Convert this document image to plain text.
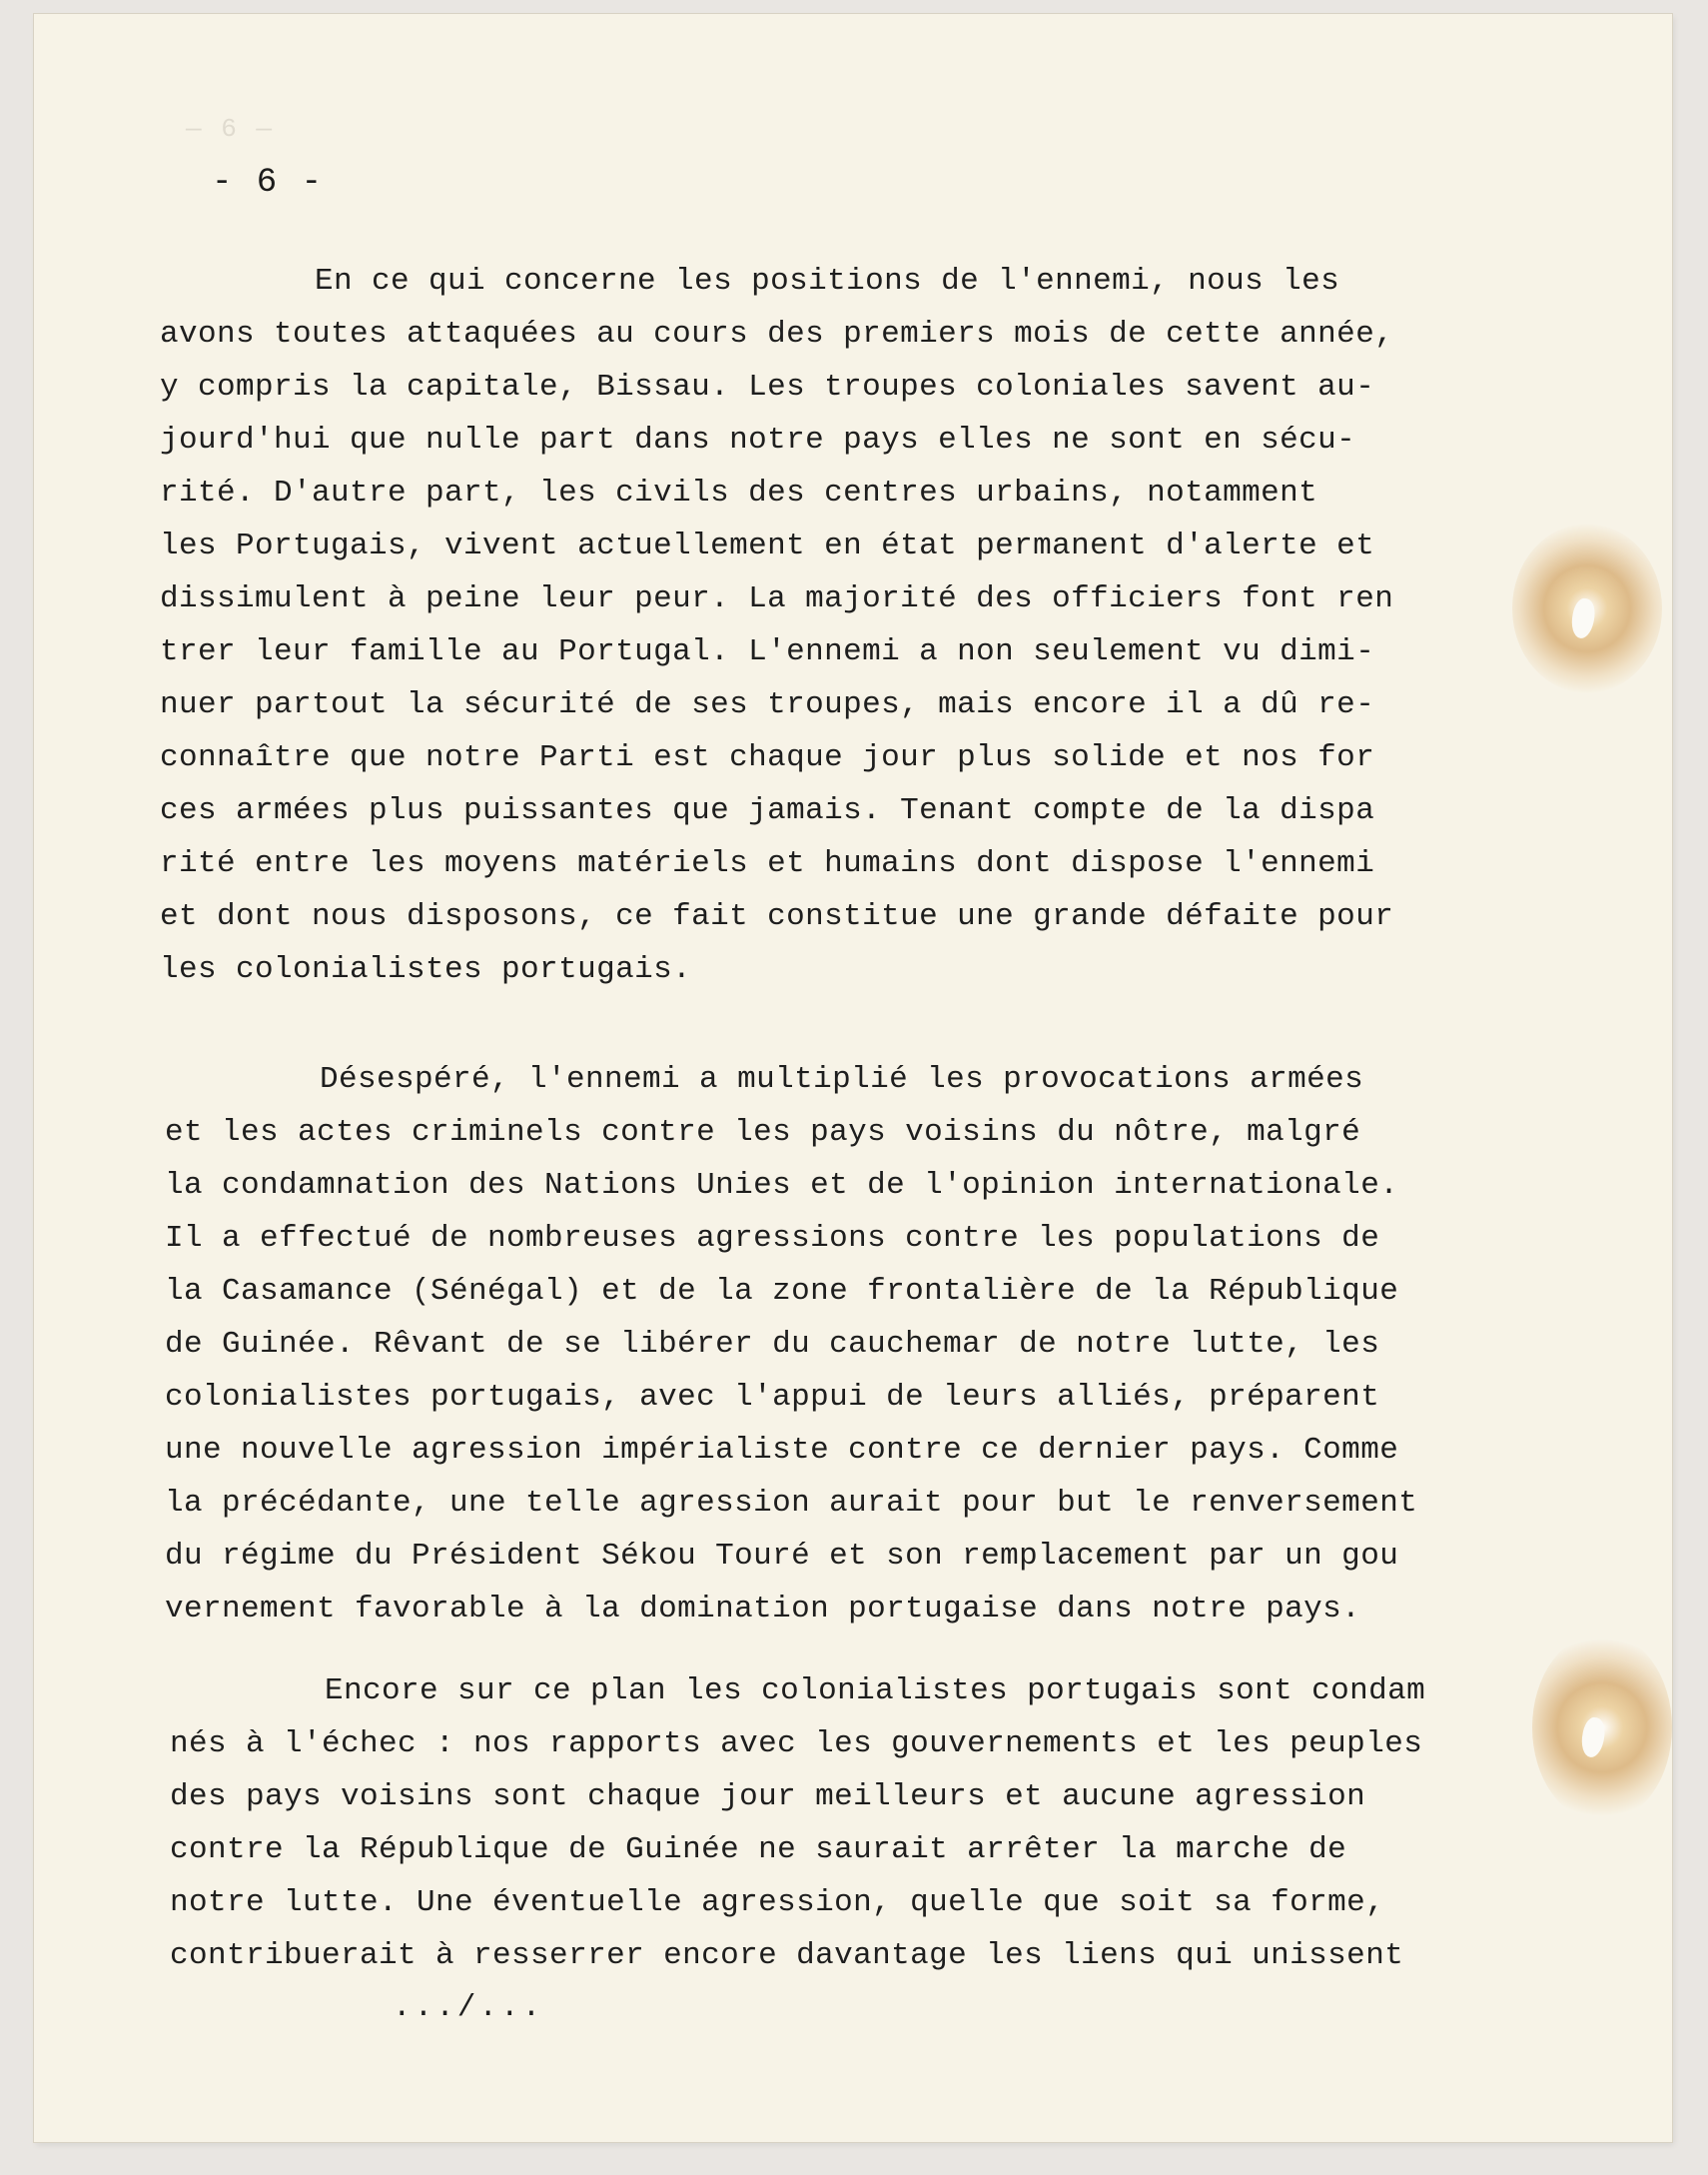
— 6 —
- 6 -
En ce qui concerne les positions de l'ennemi, nous les
avons toutes attaquées au cours des premiers mois de cette année,
y compris la capitale, Bissau. Les troupes coloniales savent au-
jourd'hui que nulle part dans notre pays elles ne sont en sécu-
rité. D'autre part, les civils des centres urbains, notamment
les Portugais, vivent actuellement en état permanent d'alerte et
dissimulent à peine leur peur. La majorité des officiers font ren
trer leur famille au Portugal. L'ennemi a non seulement vu dimi-
nuer partout la sécurité de ses troupes, mais encore il a dû re-
connaître que notre Parti est chaque jour plus solide et nos for
ces armées plus puissantes que jamais. Tenant compte de la dispa
rité entre les moyens matériels et humains dont dispose l'ennemi
et dont nous disposons, ce fait constitue une grande défaite pour
les colonialistes portugais.
Désespéré, l'ennemi a multiplié les provocations armées
et les actes criminels contre les pays voisins du nôtre, malgré
la condamnation des Nations Unies et de l'opinion internationale.
Il a effectué de nombreuses agressions contre les populations de
la Casamance (Sénégal) et de la zone frontalière de la République
de Guinée. Rêvant de se libérer du cauchemar de notre lutte, les
colonialistes portugais, avec l'appui de leurs alliés, préparent
une nouvelle agression impérialiste contre ce dernier pays. Comme
la précédante, une telle agression aurait pour but le renversement
du régime du Président Sékou Touré et son remplacement par un gou
vernement favorable à la domination portugaise dans notre pays.
Encore sur ce plan les colonialistes portugais sont condam
nés à l'échec : nos rapports avec les gouvernements et les peuples
des pays voisins sont chaque jour meilleurs et aucune agression
contre la République de Guinée ne saurait arrêter la marche de
notre lutte. Une éventuelle agression, quelle que soit sa forme,
contribuerait à resserrer encore davantage les liens qui unissent
.../...
